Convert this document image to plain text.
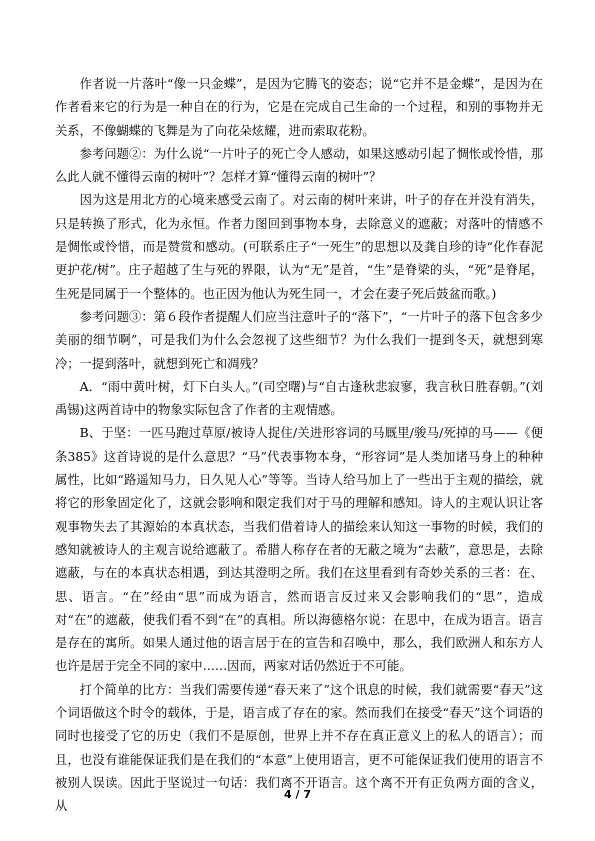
作者说一片落叶“像一只金蝶”，是因为它腾飞的姿态；说“它并不是金蝶”，是因为在作者看来它的行为是一种自在的行为，它是在完成自己生命的一个过程，和别的事物并无关系，不像蝴蝶的飞舞是为了向花朵炫耀，进而索取花粉。

参考问题②：为什么说“一片叶子的死亡令人感动，如果这感动引起了惆怅或怜惜，那么此人就不懂得云南的树叶”？怎样才算“懂得云南的树叶”？

因为这是用北方的心境来感受云南了。对云南的树叶来讲，叶子的存在并没有消失，只是转换了形式，化为永恒。作者力图回到事物本身，去除意义的遮蔽；对落叶的情感不是惆怅或怜惜，而是赞赏和感动。(可联系庄子“一死生”的思想以及龚自珍的诗“化作春泥更护花/树”。庄子超越了生与死的界限，认为“无”是首，“生”是脊梁的头，“死”是脊尾，生死是同属于一个整体的。也正因为他认为死生同一，才会在妻子死后鼓盆而歌。)

参考问题③：第６段作者提醒人们应当注意叶子的“落下”，“一片叶子的落下包含多少美丽的细节啊”，可是我们为什么会忽视了这些细节？为什么我们一提到冬天，就想到寒冷；一提到落叶，就想到死亡和凋残？

A．“雨中黄叶树，灯下白头人。”(司空曙)与“自古逢秋悲寂寥，我言秋日胜春朝。”(刘禹锡)这两首诗中的物象实际包含了作者的主观情感。

B、于坚：一匹马跑过草原/被诗人捉住/关进形容词的马厩里/骏马/死掉的马——《便条385》这首诗说的是什么意思？“马”代表事物本身，“形容词”是人类加诸马身上的种种属性，比如“路遥知马力，日久见人心”等等。当诗人给马加上了一些出于主观的描绘，就将它的形象固定化了，这就会影响和限定我们对于马的理解和感知。诗人的主观认识让客观事物失去了其源始的本真状态，当我们借着诗人的描绘来认知这一事物的时候，我们的感知就被诗人的主观言说给遮蔽了。希腊人称存在者的无蔽之境为“去蔽”，意思是，去除遮蔽，与在的本真状态相遇，到达其澄明之所。我们在这里看到有奇妙关系的三者：在、思、语言。“在”经由“思”而成为语言，然而语言反过来又会影响我们的“思”，造成对“在”的遮蔽，使我们看不到“在”的真相。所以海德格尔说：在思中，在成为语言。语言是存在的寓所。如果人通过他的语言居于在的宣告和召唤中，那么，我们欧洲人和东方人也许是居于完全不同的家中……因而，两家对话仍然近于不可能。

打个简单的比方：当我们需要传递“春天来了”这个讯息的时候，我们就需要“春天”这个词语做这个时令的载体，于是，语言成了存在的家。然而我们在接受“春天”这个词语的同时也接受了它的历史（我们不是原创，世界上并不存在真正意义上的私人的语言）；而且，也没有谁能保证我们是在我们的“本意”上使用语言，更不可能保证我们使用的语言不被别人误读。因此于坚说过一句话：我们离不开语言。这个离不开有正负两方面的含义，从

4 / 7
